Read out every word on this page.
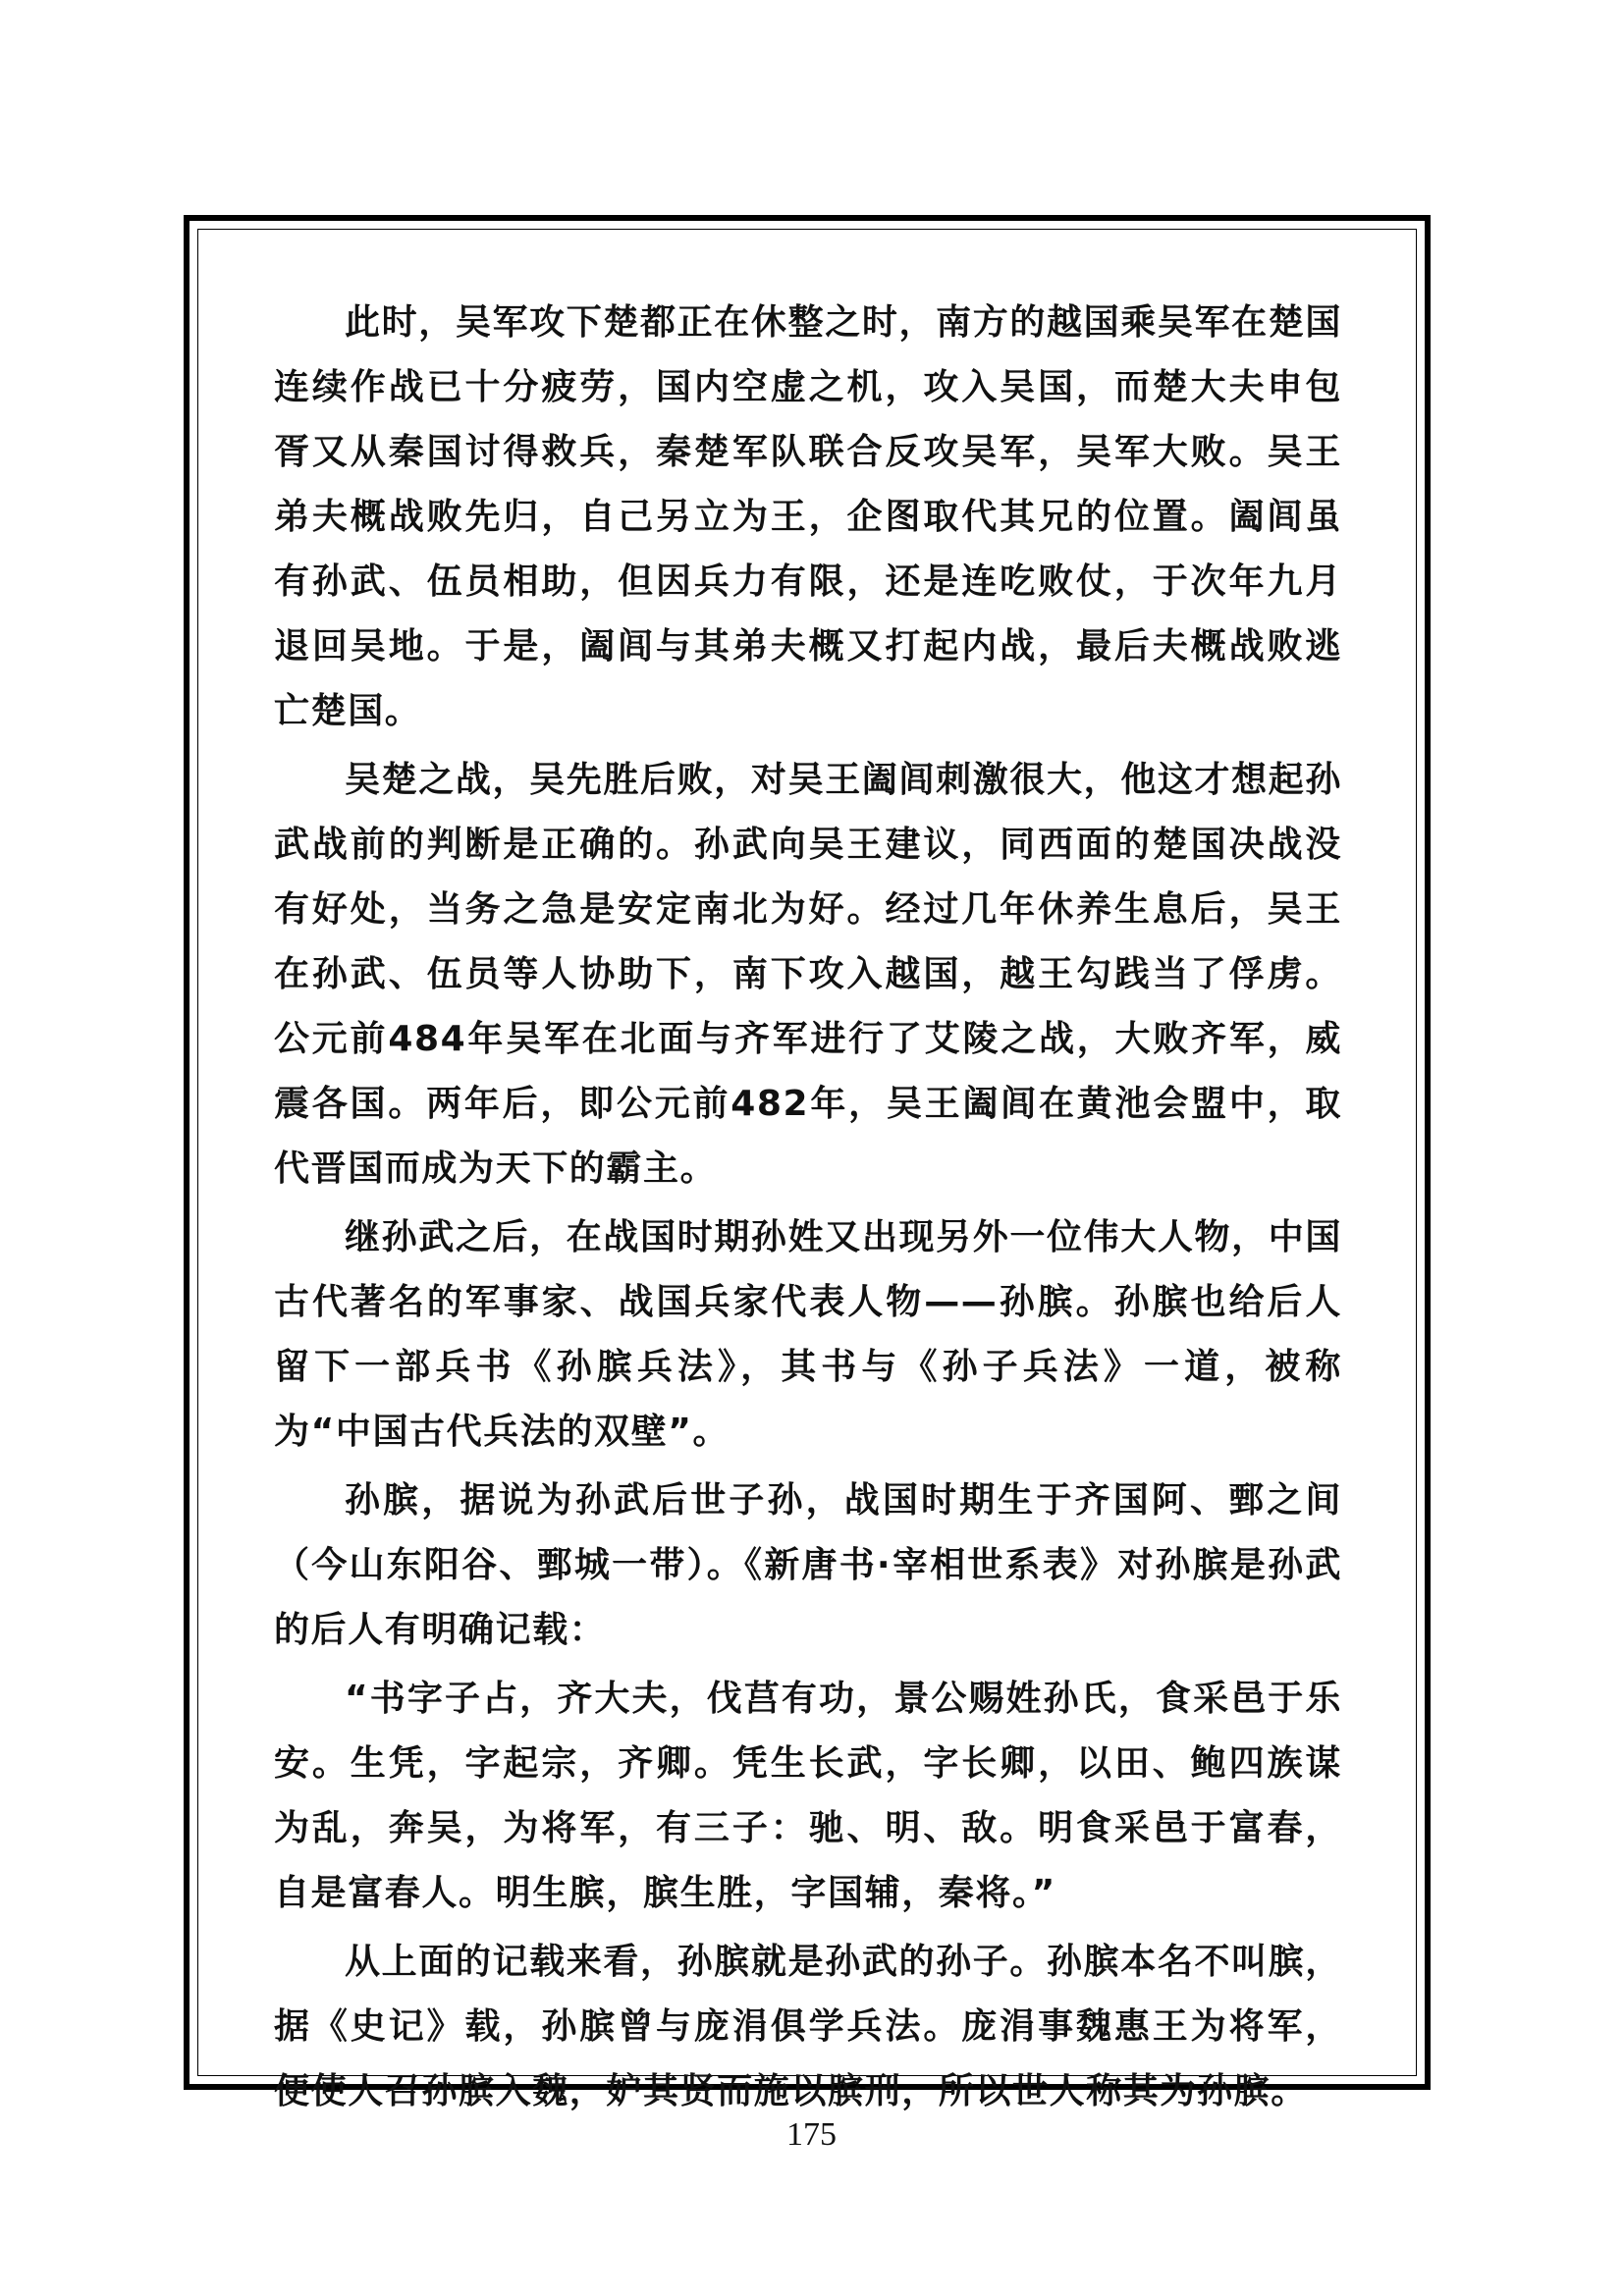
此时，吴军攻下楚都正在休整之时，南方的越国乘吴军在楚国连续作战已十分疲劳，国内空虚之机，攻入吴国，而楚大夫申包胥又从秦国讨得救兵，秦楚军队联合反攻吴军，吴军大败。吴王弟夫概战败先归，自己另立为王，企图取代其兄的位置。阖闾虽有孙武、伍员相助，但因兵力有限，还是连吃败仗，于次年九月退回吴地。于是，阖闾与其弟夫概又打起内战，最后夫概战败逃亡楚国。

吴楚之战，吴先胜后败，对吴王阖闾刺激很大，他这才想起孙武战前的判断是正确的。孙武向吴王建议，同西面的楚国决战没有好处，当务之急是安定南北为好。经过几年休养生息后，吴王在孙武、伍员等人协助下，南下攻入越国，越王勾践当了俘虏。公元前484年吴军在北面与齐军进行了艾陵之战，大败齐军，威震各国。两年后，即公元前482年，吴王阖闾在黄池会盟中，取代晋国而成为天下的霸主。

继孙武之后，在战国时期孙姓又出现另外一位伟大人物，中国古代著名的军事家、战国兵家代表人物——孙膑。孙膑也给后人留下一部兵书《孙膑兵法》，其书与《孙子兵法》一道，被称为“中国古代兵法的双壁”。

孙膑，据说为孙武后世子孙，战国时期生于齐国阿、鄄之间（今山东阳谷、鄄城一带）。《新唐书·宰相世系表》对孙膑是孙武的后人有明确记载：

“书字子占，齐大夫，伐莒有功，景公赐姓孙氏，食采邑于乐安。生凭，字起宗，齐卿。凭生长武，字长卿，以田、鲍四族谋为乱，奔吴，为将军，有三子：驰、明、敌。明食采邑于富春，自是富春人。明生膑，膑生胜，字国辅，秦将。”

从上面的记载来看，孙膑就是孙武的孙子。孙膑本名不叫膑，据《史记》载，孙膑曾与庞涓俱学兵法。庞涓事魏惠王为将军，便使人召孙膑入魏，妒其贤而施以膑刑，所以世人称其为孙膑。

175
